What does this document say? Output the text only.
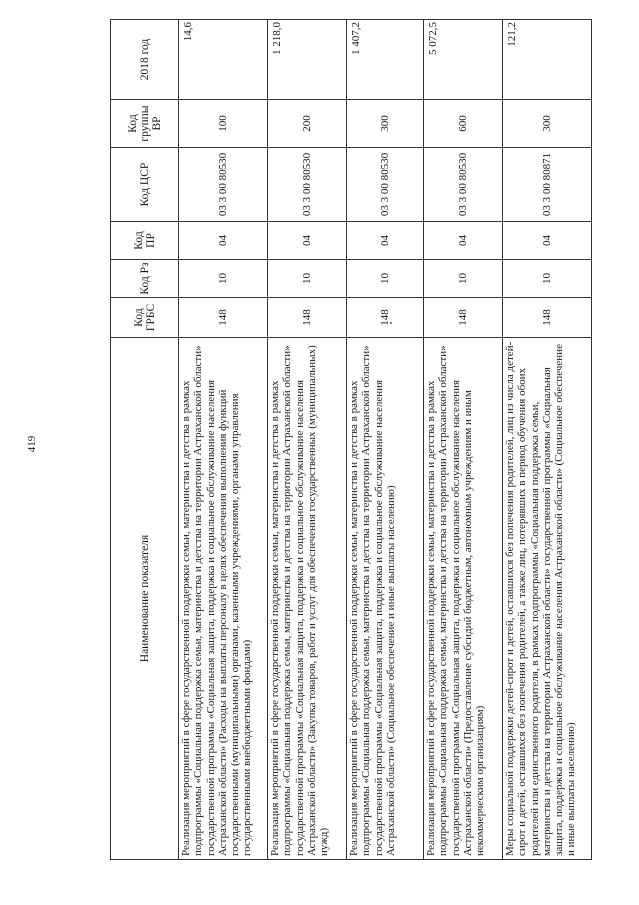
419
Наименование показателя	Код ГРБС	Код Рз	Код ПР	Код ЦСР	Код группы ВР	2018 год
Реализация мероприятий в сфере государственной поддержки семьи, материнства и детства в рамках подпрограммы «Социальная поддержка семьи, материнства и детства на территории Астраханской области» государственной программы «Социальная защита, поддержка и социальное обслуживание населения Астраханской области» (Расходы на выплаты персоналу в целях обеспечения выполнения функций государственными (муниципальными) органами, казенными учреждениями, органами управления государственными внебюджетными фондами)	148	10	04	03 3 00 80530	100	14,6
Реализация мероприятий в сфере государственной поддержки семьи, материнства и детства в рамках подпрограммы «Социальная поддержка семьи, материнства и детства на территории Астраханской области» государственной программы «Социальная защита, поддержка и социальное обслуживание населения Астраханской области» (Закупка товаров, работ и услуг для обеспечения государственных (муниципальных) нужд)	148	10	04	03 3 00 80530	200	1 218,0
Реализация мероприятий в сфере государственной поддержки семьи, материнства и детства в рамках подпрограммы «Социальная поддержка семьи, материнства и детства на территории Астраханской области» государственной программы «Социальная защита, поддержка и социальное обслуживание населения Астраханской области» (Социальное обеспечение и иные выплаты населению)	148	10	04	03 3 00 80530	300	1 407,2
Реализация мероприятий в сфере государственной поддержки семьи, материнства и детства в рамках подпрограммы «Социальная поддержка семьи, материнства и детства на территории Астраханской области» государственной программы «Социальная защита, поддержка и социальное обслуживание населения Астраханской области» (Предоставление субсидий бюджетным, автономным учреждениям и иным некоммерческим организациям)	148	10	04	03 3 00 80530	600	5 072,5
Меры социальной поддержки детей-сирот и детей, оставшихся без попечения родителей, лиц из числа детей-сирот и детей, оставшихся без попечения родителей, а также лиц, потерявших в период обучения обоих родителей или единственного родителя, в рамках подпрограммы «Социальная поддержка семьи, материнства и детства на территории Астраханской области» государственной программы «Социальная защита, поддержка и социальное обслуживание населения Астраханской области» (Социальное обеспечение и иные выплаты населению)	148	10	04	03 3 00 80871	300	121,2
